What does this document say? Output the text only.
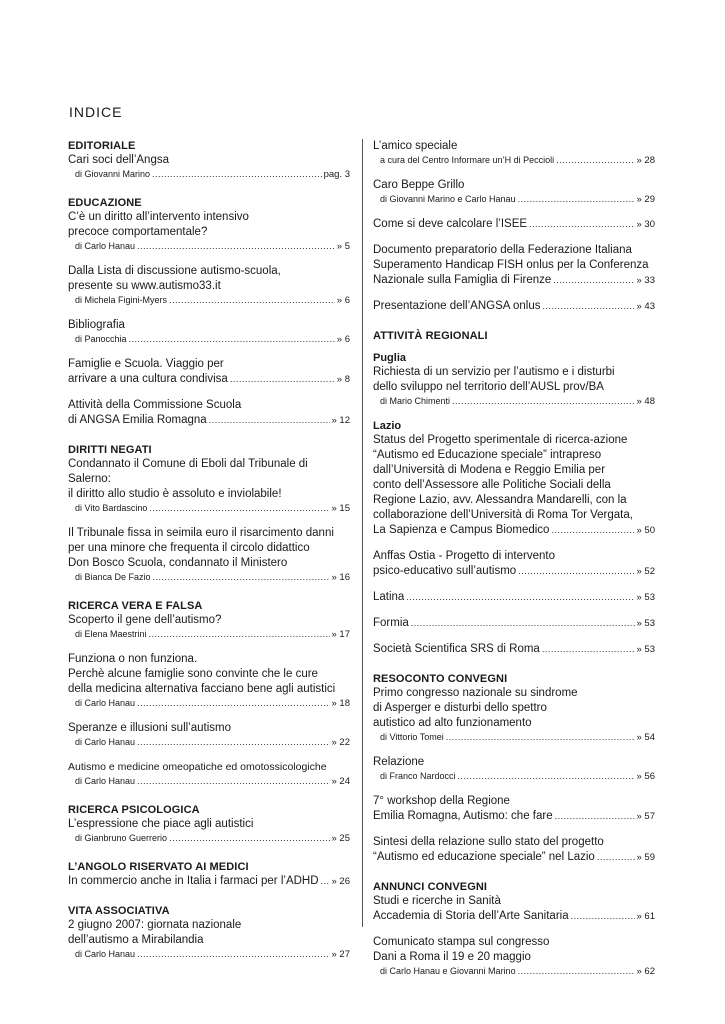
INDICE
EDITORIALE
Cari soci dell’Angsa
di Giovanni Marino .....	pag. 3
EDUCAZIONE
C’è un diritto all’intervento intensivo
precoce comportamentale?
di Carlo Hanau .....	» 5
Dalla Lista di discussione autismo-scuola,
presente su www.autismo33.it
di Michela Figini-Myers .....	» 6
Bibliografia
di Panocchia .....	» 6
Famiglie e Scuola. Viaggio per
arrivare a una cultura condivisa .....	» 8
Attività della Commissione Scuola
di ANGSA Emilia Romagna .....	» 12
DIRITTI NEGATI
Condannato il Comune di Eboli dal Tribunale di Salerno:
il diritto allo studio è assoluto e inviolabile!
di Vito Bardascino .....	» 15
Il Tribunale fissa in seimila euro il risarcimento danni
per una minore che frequenta il circolo didattico
Don Bosco Scuola, condannato il Ministero
di Bianca De Fazio .....	» 16
RICERCA VERA E FALSA
Scoperto il gene dell’autismo?
di Elena Maestrini .....	» 17
Funziona o non funziona.
Perchè alcune famiglie sono convinte che le cure
della medicina alternativa facciano bene agli autistici
di Carlo Hanau .....	» 18
Speranze e illusioni sull’autismo
di Carlo Hanau .....	» 22
Autismo e medicine omeopatiche ed omotossicologiche
di Carlo Hanau .....	» 24
RICERCA PSICOLOGICA
L’espressione che piace agli autistici
di Gianbruno Guerrerio .....	» 25
L’ANGOLO RISERVATO AI MEDICI
In commercio anche in Italia i farmaci per l’ADHD ..... » 26
VITA ASSOCIATIVA
2 giugno 2007: giornata nazionale
dell’autismo a Mirabilandia
di Carlo Hanau .....	» 27
L’amico speciale
a cura del Centro Informare un’H di Peccioli .....	» 28
Caro Beppe Grillo
di Giovanni Marino e Carlo Hanau .....	» 29
Come si deve calcolare l’ISEE .....	» 30
Documento preparatorio della Federazione Italiana
Superamento Handicap FISH onlus per la Conferenza
Nazionale sulla Famiglia di Firenze .....	» 33
Presentazione dell’ANGSA onlus .....	» 43
ATTIVITÀ REGIONALI
Puglia
Richiesta di un servizio per l’autismo e i disturbi
dello sviluppo nel territorio dell’AUSL prov/BA
di Mario Chimenti .....	» 48
Lazio
Status del Progetto sperimentale di ricerca-azione
“Autismo ed Educazione speciale” intrapreso
dall’Università di Modena e Reggio Emilia per
conto dell’Assessore alle Politiche Sociali della
Regione Lazio, avv. Alessandra Mandarelli, con la
collaborazione dell’Università di Roma Tor Vergata,
La Sapienza e Campus Biomedico .....	» 50
Anffas Ostia - Progetto di intervento
psico-educativo sull’autismo .....	» 52
Latina .....	» 53
Formia .....	» 53
Società Scientifica SRS di Roma .....	» 53
RESOCONTO CONVEGNI
Primo congresso nazionale su sindrome
di Asperger e disturbi dello spettro
autistico ad alto funzionamento
di Vittorio Tomei .....	» 54
Relazione
di Franco Nardocci .....	» 56
7° workshop della Regione
Emilia Romagna, Autismo: che fare .....	» 57
Sintesi della relazione sullo stato del progetto
“Autismo ed educazione speciale” nel Lazio .....	» 59
ANNUNCI CONVEGNI
Studi e ricerche in Sanità
Accademia di Storia dell’Arte Sanitaria .....	» 61
Comunicato stampa sul congresso
Dani a Roma il 19 e 20 maggio
di Carlo Hanau e Giovanni Marino .....	» 62
